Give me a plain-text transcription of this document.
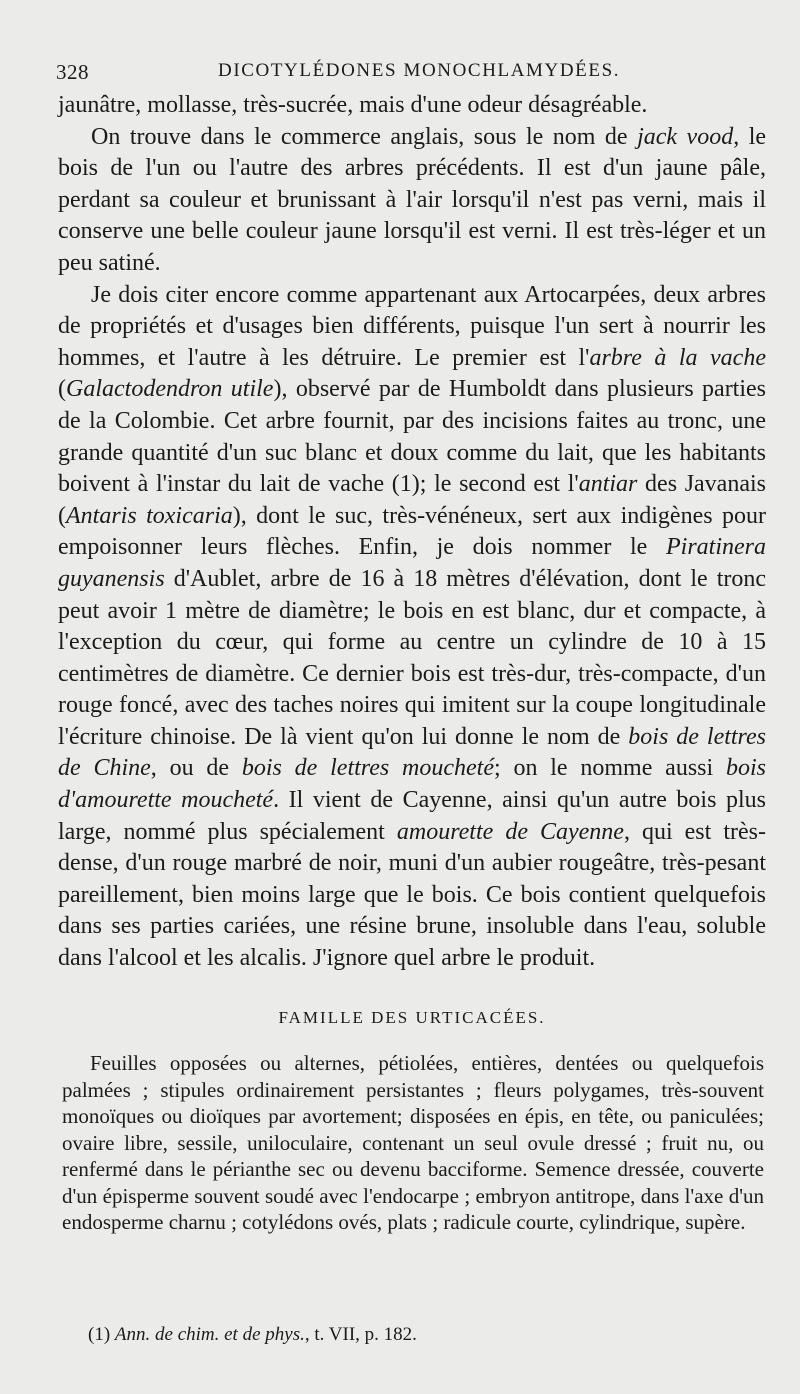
328	DICOTYLÉDONES MONOCHLAMYDÉES.

jaunâtre, mollasse, très-sucrée, mais d'une odeur désagréable.

On trouve dans le commerce anglais, sous le nom de jack vood, le bois de l'un ou l'autre des arbres précédents. Il est d'un jaune pâle, perdant sa couleur et brunissant à l'air lorsqu'il n'est pas verni, mais il conserve une belle couleur jaune lorsqu'il est verni. Il est très-léger et un peu satiné.

Je dois citer encore comme appartenant aux Artocarpées, deux arbres de propriétés et d'usages bien différents, puisque l'un sert à nourrir les hommes, et l'autre à les détruire. Le premier est l'arbre à la vache (Galactodendron utile), observé par de Humboldt dans plusieurs parties de la Colombie. Cet arbre fournit, par des incisions faites au tronc, une grande quantité d'un suc blanc et doux comme du lait, que les habitants boivent à l'instar du lait de vache (1); le second est l'antiar des Javanais (Antaris toxicaria), dont le suc, très-vénéneux, sert aux indigènes pour empoisonner leurs flèches. Enfin, je dois nommer le Piratinera guyanensis d'Aublet, arbre de 16 à 18 mètres d'élévation, dont le tronc peut avoir 1 mètre de diamètre; le bois en est blanc, dur et compacte, à l'exception du cœur, qui forme au centre un cylindre de 10 à 15 centimètres de diamètre. Ce dernier bois est très-dur, très-compacte, d'un rouge foncé, avec des taches noires qui imitent sur la coupe longitudinale l'écriture chinoise. De là vient qu'on lui donne le nom de bois de lettres de Chine, ou de bois de lettres moucheté; on le nomme aussi bois d'amourette moucheté. Il vient de Cayenne, ainsi qu'un autre bois plus large, nommé plus spécialement amourette de Cayenne, qui est très-dense, d'un rouge marbré de noir, muni d'un aubier rougeâtre, très-pesant pareillement, bien moins large que le bois. Ce bois contient quelquefois dans ses parties cariées, une résine brune, insoluble dans l'eau, soluble dans l'alcool et les alcalis. J'ignore quel arbre le produit.

FAMILLE DES URTICACÉES.

Feuilles opposées ou alternes, pétiolées, entières, dentées ou quelquefois palmées ; stipules ordinairement persistantes ; fleurs polygames, très-souvent monoïques ou dioïques par avortement; disposées en épis, en tête, ou paniculées; ovaire libre, sessile, uniloculaire, contenant un seul ovule dressé ; fruit nu, ou renfermé dans le périanthe sec ou devenu bacciforme. Semence dressée, couverte d'un épisperme souvent soudé avec l'endocarpe ; embryon antitrope, dans l'axe d'un endosperme charnu ; cotylédons ovés, plats ; radicule courte, cylindrique, supère.

(1) Ann. de chim. et de phys., t. VII, p. 182.
